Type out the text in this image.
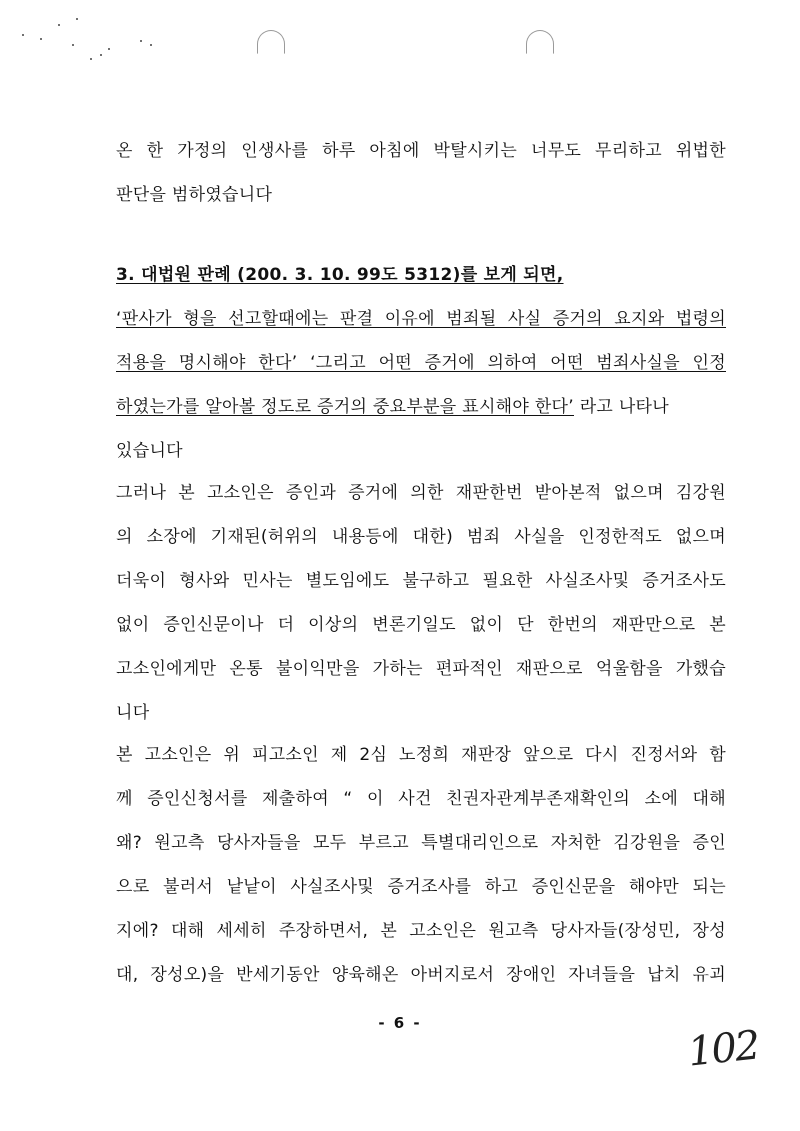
온 한 가정의 인생사를 하루 아침에 박탈시키는 너무도 무리하고 위법한
판단을 범하였습니다
3. 대법원 판례 (200. 3. 10. 99도 5312)를 보게 되면,
‘판사가 형을 선고할때에는 판결 이유에 범죄될 사실 증거의 요지와 법령의
적용을 명시해야 한다’ ‘그리고 어떤 증거에 의하여 어떤 범죄사실을 인정
하였는가를 알아볼 정도로 증거의 중요부분을 표시해야 한다’ 라고 나타나
있습니다
그러나 본 고소인은 증인과 증거에 의한 재판한번 받아본적 없으며 김강원
의 소장에 기재된(허위의 내용등에 대한) 범죄 사실을 인정한적도 없으며
더욱이 형사와 민사는 별도임에도 불구하고 필요한 사실조사및 증거조사도
없이 증인신문이나 더 이상의 변론기일도 없이 단 한번의 재판만으로 본
고소인에게만 온통 불이익만을 가하는 편파적인 재판으로 억울함을 가했습
니다
본 고소인은 위 피고소인 제 2심 노정희 재판장 앞으로 다시 진정서와 함
께 증인신청서를 제출하여 “ 이 사건 친권자관계부존재확인의 소에 대해
왜? 원고측 당사자들을 모두 부르고 특별대리인으로 자처한 김강원을 증인
으로 불러서 낱낱이 사실조사및 증거조사를 하고 증인신문을 해야만 되는
지에? 대해 세세히 주장하면서, 본 고소인은 원고측 당사자들(장성민, 장성
대, 장성오)을 반세기동안 양육해온 아버지로서 장애인 자녀들을 납치 유괴
- 6 -	102
